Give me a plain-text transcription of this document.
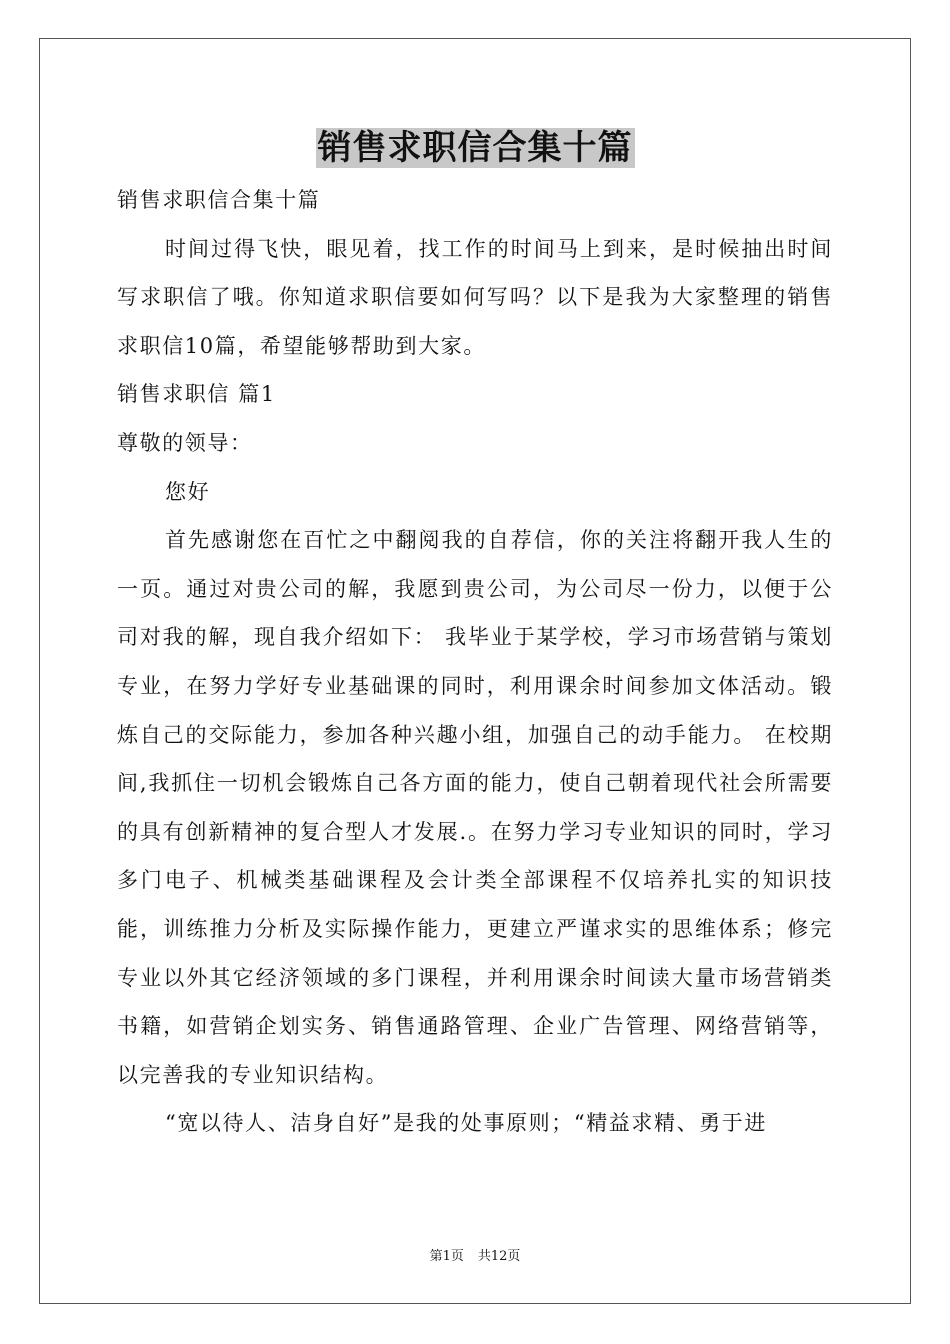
销售求职信合集十篇

销售求职信合集十篇

时间过得飞快，眼见着，找工作的时间马上到来，是时候抽出时间写求职信了哦。你知道求职信要如何写吗？以下是我为大家整理的销售求职信10篇，希望能够帮助到大家。

销售求职信 篇1

尊敬的领导：

您好

首先感谢您在百忙之中翻阅我的自荐信，你的关注将翻开我人生的一页。通过对贵公司的解，我愿到贵公司，为公司尽一份力，以便于公司对我的解，现自我介绍如下： 我毕业于某学校，学习市场营销与策划专业，在努力学好专业基础课的同时，利用课余时间参加文体活动。锻炼自己的交际能力，参加各种兴趣小组，加强自己的动手能力。 在校期间,我抓住一切机会锻炼自己各方面的能力，使自己朝着现代社会所需要的具有创新精神的复合型人才发展.。在努力学习专业知识的同时，学习多门电子、机械类基础课程及会计类全部课程不仅培养扎实的知识技能，训练推力分析及实际操作能力，更建立严谨求实的思维体系；修完专业以外其它经济领域的多门课程，并利用课余时间读大量市场营销类书籍，如营销企划实务、销售通路管理、企业广告管理、网络营销等，以完善我的专业知识结构。

“宽以待人、洁身自好”是我的处事原则；“精益求精、勇于进

第1页 共12页
